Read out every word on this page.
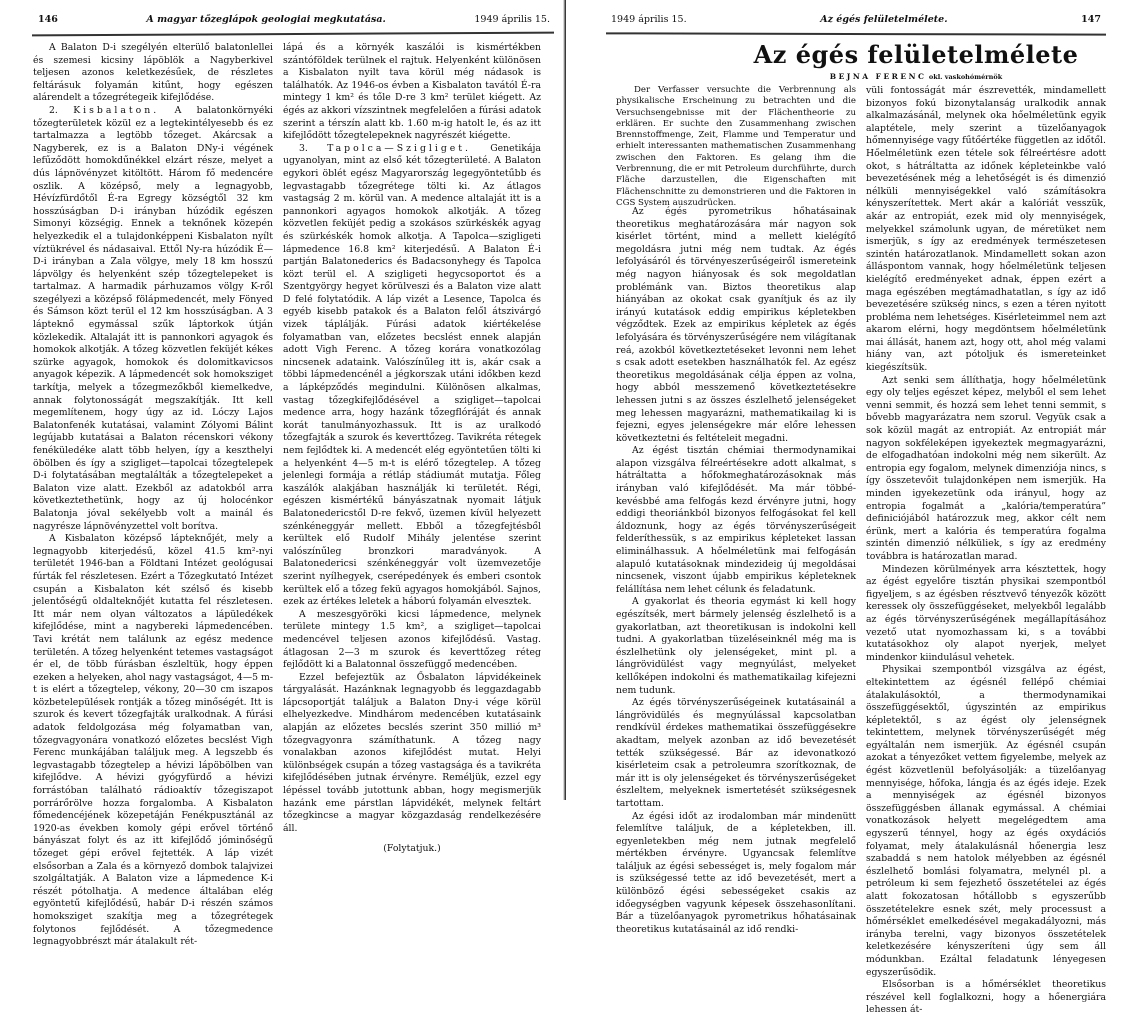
146	A magyar tőzeglápok geologiai megkutatása.	1949 április 15.

A Balaton D-i szegélyén elterülő balatonlellei és szemesi kicsiny lápöblök a Nagyberkivel teljesen azonos keletkezésűek, de részletes feltárásuk folyamán kitűnt, hogy egészen alárendelt a tőzegrétegeik kifejlődése.

2. Kisbalaton. A balatonkörnyéki tőzegterületek közül ez a legtekintélyesebb és ez tartalmazza a legtöbb tőzeget. Akárcsak a Nagyberek, ez is a Balaton DNy-i végének lefűződött homokdűnékkel elzárt része, melyet a dús lápnövényzet kitöltött. Három fő medencére oszlik. A középső, mely a legnagyobb, Hévízfürdőtől É-ra Egregy községtől 32 km hosszúságban D-i irányban húzódik egészen Simonyi községig. Ennek a teknőnek közepén helyezkedik el a tulajdonképpeni Kisbalaton nyílt víztükrével és nádasaival. Ettől Ny-ra húzódik É—D-i irányban a Zala völgye, mely 18 km hosszú lápvölgy és helyenként szép tőzegtelepeket is tartalmaz. A harmadik párhuzamos völgy K-ről szegélyezi a középső fölápmedencét, mely Fönyed és Sámson közt terül el 12 km hosszúságban. A 3 lápteknő egymással szűk láptorkok útján közlekedik. Altalaját itt is pannonkori agyagok és homokok alkotják. A tőzeg közvetlen feküjét kékes szürke agyagok, homokok és dolomitkavicsos anyagok képezik. A lápmedencét sok homoksziget tarkítja, melyek a tőzegmezőkből kiemelkedve, annak folytonosságát megszakítják. Itt kell megemlítenem, hogy úgy az id. Lóczy Lajos Balatonfenék kutatásai, valamint Zólyomi Bálint legújabb kutatásai a Balaton récenskori vékony fenéküledéke alatt több helyen, így a keszthelyi öbölben és így a szigliget—tapolcai tőzegtelepek D-i folytatásában megtalálták a tőzegtelepeket a Balaton vize alatt. Ezekből az adatokból arra következtethetünk, hogy az új holocénkor Balatonja jóval sekélyebb volt a mainál és nagyrésze lápnövényzettel volt borítva.

A Kisbalaton középső lápteknőjét, mely a legnagyobb kiterjedésű, közel 41.5 km²-nyi területét 1946-ban a Földtani Intézet geológusai fúrták fel részletesen. Ezért a Tőzegkutató Intézet csupán a Kisbalaton két szélső és kisebb jelentőségű oldalteknőjét kutatta fel részletesen. Itt már nem olyan változatos a lápüledékek kifejlődése, mint a nagybereki lápmedencében. Tavi krétát nem találunk az egész medence területén. A tőzeg helyenként tetemes vastagságot ér el, de több fúrásban észleltük, hogy éppen ezeken a helyeken, ahol nagy vastagságot, 4—5 m-t is elért a tőzegtelep, vékony, 20—30 cm iszapos közbetelepülések rontják a tőzeg minőségét. Itt is szurok és kevert tőzegfajták uralkodnak. A fúrási adatok feldolgozása még folyamatban van, tőzegvagyonára vonatkozó előzetes becslést Vigh Ferenc munkájában találjuk meg. A legszebb és legvastagabb tőzegtelep a hévizi lápöbölben van kifejlődve. A hévizi gyógyfürdő a hévizi forrástóban található rádioaktív tőzegiszapot porrárőrölve hozza forgalomba. A Kisbalaton főmedencéjének közepetáján Fenékpusztánál az 1920-as években komoly gépi erővel történő bányászat folyt és az itt kifejlődő jóminőségű tőzeget gépi erővel fejtették. A láp vizét elsősorban a Zala és a környező dombok talajvizei szolgáltatják. A Balaton vize a lápmedence K-i részét pótolhatja. A medence általában elég egyöntetű kifejlődésű, habár D-i részén számos homoksziget szakítja meg a tőzegrétegek folytonos fejlődését. A tőzegmedence legnagyobbrészt már átalakult rét-

lápá és a környék kaszálói is kismértékben szántóföldek terülnek el rajtuk. Helyenként különösen a Kisbalaton nyilt tava körül még nádasok is találhatók. Az 1946-os évben a Kisbalaton tavától É-ra mintegy 1 km² és tőle D-re 3 km² terület kiégett. Az égés az akkori vízszintnek megfelelően a fúrási adatok szerint a térszín alatt kb. 1.60 m-ig hatolt le, és az itt kifejlődött tőzegtelepeknek nagyrészét kiégette.

3. Tapolca—Szigliget. Genetikája ugyanolyan, mint az első két tőzegterületé. A Balaton egykori öblét egész Magyarország legegyöntetűbb és legvastagabb tőzegrétege tölti ki. Az átlagos vastagság 2 m. körül van. A medence altalaját itt is a pannonkori agyagos homokok alkotják. A tőzeg közvetlen feküjét pedig a szokásos szürkéskék agyag és szürkéskék homok alkotja. A Tapolca—szigligeti lápmedence 16.8 km² kiterjedésű. A Balaton É-i partján Balatonederics és Badacsonyhegy és Tapolca közt terül el. A szigligeti hegycsoportot és a Szentgyörgy hegyet körülveszi és a Balaton vize alatt D felé folytatódik. A láp vizét a Lesence, Tapolca és egyéb kisebb patakok és a Balaton felől átszivárgó vizek táplálják. Fúrási adatok kiértékelése folyamatban van, előzetes becslést ennek alapján adott Vigh Ferenc. A tőzeg korára vonatkozólag nincsenek adataink. Valószínűleg itt is, akár csak a többi lápmedencénél a jégkorszak utáni időkben kezd a lápképződés megindulni. Különösen alkalmas, vastag tőzegkifejlődésével a szigliget—tapolcai medence arra, hogy hazánk tőzegflóráját és annak korát tanulmányozhassuk. Itt is az uralkodó tőzegfajták a szurok és keverttőzeg. Tavikréta rétegek nem fejlődtek ki. A medencét elég egyöntetűen tölti ki a helyenként 4—5 m-t is elérő tőzegtelep. A tőzeg jelenlegi formája a rétláp stádiumát mutatja. Főleg kaszálók alakjában használják ki területét. Régi, egészen kismértékű bányászatnak nyomait látjuk Balatonedericstől D-re fekvő, üzemen kívül helyezett szénkéneggyár mellett. Ebből a tőzegfejtésből kerültek elő Rudolf Mihály jelentése szerint valószínűleg bronzkori maradványok. A Balatonedericsi szénkéneggyár volt üzemvezetője szerint nyílhegyek, cserépedények és emberi csontok kerültek elő a tőzeg fekü agyagos homokjából. Sajnos, ezek az értékes leletek a háború folyamán elvesztek.

A meszesgyöröki kicsi lápmedence, melynek területe mintegy 1.5 km², a szigliget—tapolcai medencével teljesen azonos kifejlődésű. Vastag. átlagosan 2—3 m szurok és keverttőzeg réteg fejlődött ki a Balatonnal összefüggő medencében.

Ezzel befejeztük az Ősbalaton lápvidékeinek tárgyalását. Hazánknak legnagyobb és leggazdagabb lápcsoportját találjuk a Balaton Dny-i vége körül elhelyezkedve. Mindhárom medencében kutatásaink alapján az előzetes becslés szerint 350 millió m³ tőzegvagyonra számíthatunk. A tőzeg nagy vonalakban azonos kifejlődést mutat. Helyi különbségek csupán a tőzeg vastagsága és a tavikréta kifejlődésében jutnak érvényre. Reméljük, ezzel egy lépéssel tovább jutottunk abban, hogy megismerjük hazánk eme párstlan lápvidékét, melynek feltárt tőzegkincse a magyar közgazdaság rendelkezésére áll.

(Folytatjuk.)

1949 április 15.	Az égés felületelmélete.	147
Az égés felületelmélete
BEJNA FERENC okl. vaskohómérnök

Der Verfasser versuchte die Verbrennung als physikalische Erscheinung zu betrachten und die Versuchsengebnisse mit der Flächentheorie zu erklären. Er suchte den Zusammenhang zwischen Brennstoffmenge, Zeit, Flamme und Temperatur und erhielt interessanten mathematischen Zusammenhang zwischen den Faktoren. Es gelang ihm die Verbrennung, die er mit Petroleum durchführte, durch Fläche darzustellen, die Eigenschaften mit Flächenschnitte zu demonstrieren und die Faktoren in CGS System auszudrücken.

Az égés pyrometrikus hőhatásainak theoretikus meghatározására már nagyon sok kisérlet történt, mind a mellett kielégítő megoldásra jutni még nem tudtak. Az égés lefolyásáról és törvényeszerűségeiről ismereteink még nagyon hiányosak és sok megoldatlan problémánk van. Biztos theoretikus alap hiányában az okokat csak gyanítjuk és az ily irányú kutatások eddig empirikus képletekben végződtek. Ezek az empirikus képletek az égés lefolyására és törvényszerűségére nem világítanak reá, azokból következtetéseket levonni nem lehet s csak adott esetekben használhatók fel. Az egész theoretikus megoldásának célja éppen az volna, hogy abból messzemenő következtetésekre lehessen jutni s az összes észlelhető jelenségeket meg lehessen magyarázni, mathematikailag ki is fejezni, egyes jelenségekre már előre lehessen következtetni és feltételeit megadni.

Az égést tisztán chémiai thermodynamikai alapon vizsgálva félreértésekre adott alkalmat, s hátráltatta a hőfokmeghatározásoknak más irányban való kifejlődését. Ma már többé-kevésbbé ama felfogás kezd érvényre jutni, hogy eddigi theoriánkból bizonyos felfogásokat fel kell áldoznunk, hogy az égés törvényszerűségeit felderíthessük, s az empirikus képleteket lassan eliminálhassuk. A hőelméletünk mai felfogásán alapuló kutatásoknak mindezideig új megoldásai nincsenek, viszont újabb empirikus képleteknek felállítása nem lehet célunk és feladatunk.

A gyakorlat és theoria egymást ki kell hogy egészítsék, mert bármely jelenség észlelhető is a gyakorlatban, azt theoretikusan is indokolni kell tudni. A gyakorlatban tüzeléseinknél még ma is észlelhetünk oly jelenségeket, mint pl. a lángrövidülést vagy megnyúlást, melyeket kellőképen indokolni és mathematikailag kifejezni nem tudunk.

Az égés törvényszerűségeinek kutatásainál a lángrövidülés és megnyúlással kapcsolatban rendkívül érdekes mathematikai összefüggésekre akadtam, melyek azonban az idő bevezetését tették szükségessé. Bár az idevonatkozó kisérleteim csak a petroleumra szorítkoznak, de már itt is oly jelenségeket és törvényszerűségeket észleltem, melyeknek ismertetését szükségesnek tartottam.

Az égési időt az irodalomban már mindenütt felemlítve találjuk, de a képletekben, ill. egyenletekben még nem jutnak megfelelő mértékben érvényre. Ugyancsak felemlítve találjuk az égési sebességet is, mely fogalom már is szükségessé tette az idő bevezetését, mert a különböző égési sebességeket csakis az időegységben vagyunk képesek összehasonlítani. Bár a tüzelőanyagok pyrometrikus hőhatásainak theoretikus kutatásainál az idő rendki-

vüli fontosságát már észrevették, mindamellett bizonyos fokú bizonytalanság uralkodik annak alkalmazásánál, melynek oka hőelméletünk egyik alaptétele, mely szerint a tüzelőanyagok hőmennyisége vagy fűtőértéke független az időtől. Hőelméletünk ezen tétele sok félreértésre adott okot, s hátráltatta az időnek képleteinkbe való bevezetésének még a lehetőségét is és dimenzió nélküli mennyiségekkel való számításokra kényszerítettek. Mert akár a kalóriát vesszük, akár az entropiát, ezek mid oly mennyiségek, melyekkel számolunk ugyan, de méretüket nem ismerjük, s így az eredmények természetesen szintén határozatlanok. Mindamellett sokan azon álláspontom vannak, hogy hőelméletünk teljesen kielégítő eredményeket adnak, éppen ezért a maga egészében megtámadhatatlan, s így az idő bevezetésére szükség nincs, s ezen a téren nyitott probléma nem lehetséges. Kisérleteimmel nem azt akarom elérni, hogy megdöntsem hőelméletünk mai állását, hanem azt, hogy ott, ahol még valami hiány van, azt pótoljuk és ismereteinket kiegészítsük.

Azt senki sem állíthatja, hogy hőelméletünk egy oly teljes egészet képez, melyből el sem lehet venni semmit, és hozzá sem lehet tenni semmit, s bővebb magyarázatra nem szorul. Vegyük csak a sok közül magát az entropiát. Az entropiát már nagyon sokféleképen igyekeztek megmagyarázni, de elfogadhatóan indokolni még nem sikerült. Az entropia egy fogalom, melynek dimenziója nincs, s így összetevőit tulajdonképen nem ismerjük. Ha minden igyekezetünk oda irányul, hogy az entropia fogalmát a „kalória/temperatúra” definiciójából határozzuk meg, akkor célt nem érünk, mert a kalória és temperatúra fogalma szintén dimenzió nélküliek, s így az eredmény továbbra is határozatlan marad.

Mindezen körülmények arra késztettek, hogy az égést egyelőre tisztán physikai szempontból figyeljem, s az égésben résztvevő tényezők között keressek oly összefüggéseket, melyekből legalább az égés törvényszerűségének megállapításához vezető utat nyomozhassam ki, s a további kutatásokhoz oly alapot nyerjek, melyet mindenkor kiindulásul vehetek.

Physikai szempontból vizsgálva az égést, eltekintettem az égésnél fellépő chémiai átalakulásoktól, a thermodynamikai összefüggésektől, úgyszintén az empirikus képletektől, s az égést oly jelenségnek tekintettem, melynek törvényszerűségét még egyáltalán nem ismerjük. Az égésnél csupán azokat a tényezőket vettem figyelembe, melyek az égést közvetlenül befolyásolják: a tüzelőanyag mennyisége, hőfoka, lángja és az égés ideje. Ezek a mennyiségek az égésnél bizonyos összefüggésben állanak egymással. A chémiai vonatkozások helyett megelégedtem ama egyszerű ténnyel, hogy az égés oxydációs folyamat, mely átalakulásnál hőenergia lesz szabaddá s nem hatolok mélyebben az égésnél észlelhető bomlási folyamatra, melynél pl. a petróleum ki sem fejezhető összetételei az égés alatt fokozatosan hőtállobb s egyszerűbb összetételekre esnek szét, mely processust a hőmérséklet emelkedésével megakadályozni, más irányba terelni, vagy bizonyos összetételek keletkezésére kényszeríteni úgy sem áll módunkban. Ezáltal feladatunk lényegesen egyszerűsödik.

Elsősorban is a hőmérséklet theoretikus részével kell foglalkozni, hogy a hőenergiára lehessen át-
